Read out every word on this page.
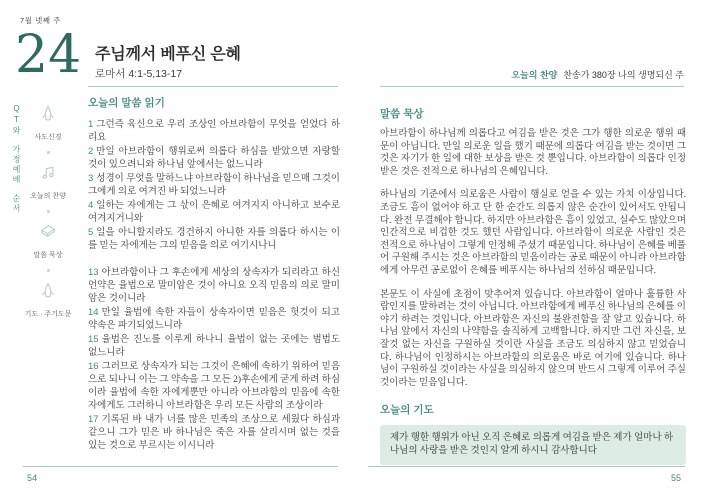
7월 넷째 주
24 주님께서 베푸신 은혜
로마서 4:1-5,13-17	오늘의 찬양 찬송가 380장 나의 생명되신 주
QT와
가정예배
순서
사도신경
오늘의 찬양
말씀 묵상
기도 · 주기도문
오늘의 말씀 읽기

1 그런즉 육신으로 우리 조상인 아브라함이 무엇을 얻었다 하리요

2 만일 아브라함이 행위로써 의롭다 하심을 받았으면 자랑할 것이 있으려니와 하나님 앞에서는 없느니라

3 성경이 무엇을 말하느냐 아브라함이 하나님을 믿으매 그것이 그에게 의로 여겨진 바 되었느니라

4 일하는 자에게는 그 삯이 은혜로 여겨지지 아니하고 보수로 여겨지거니와

5 일을 아니할지라도 경건하지 아니한 자를 의롭다 하시는 이를 믿는 자에게는 그의 믿음을 의로 여기시나니

13 아브라함이나 그 후손에게 세상의 상속자가 되리라고 하신 언약은 율법으로 말미암은 것이 아니요 오직 믿음의 의로 말미암은 것이니라

14 만일 율법에 속한 자들이 상속자이면 믿음은 헛것이 되고 약속은 파기되었느니라

15 율법은 진노를 이루게 하나니 율법이 없는 곳에는 범법도 없느니라

16 그러므로 상속자가 되는 그것이 은혜에 속하기 위하여 믿음으로 되나니 이는 그 약속을 그 모든 2)후손에게 굳게 하려 하심이라 율법에 속한 자에게뿐만 아니라 아브라함의 믿음에 속한 자에게도 그러하니 아브라함은 우리 모든 사람의 조상이라

17 기록된 바 내가 너를 많은 민족의 조상으로 세웠다 하심과 같으니 그가 믿은 바 하나님은 죽은 자를 살리시며 없는 것을 있는 것으로 부르시는 이시니라

말씀 묵상

아브라함이 하나님께 의롭다고 여김을 받은 것은 그가 행한 의로운 행위 때문이 아닙니다. 만일 의로운 일을 했기 때문에 의롭다 여김을 받는 것이면 그것은 자기가 한 일에 대한 보상을 받은 것 뿐입니다. 아브라함이 의롭다 인정 받은 것은 전적으로 하나님의 은혜입니다.

하나님의 기준에서 의로움은 사람이 행실로 얻을 수 있는 가치 이상입니다. 조금도 흠이 없어야 하고 단 한 순간도 의롭지 않은 순간이 있어서도 안됩니다. 완전 무결해야 합니다. 하지만 아브라함은 흠이 있었고, 실수도 많았으며 인간적으로 비겁한 것도 했던 사람입니다. 아브라함이 의로운 사람인 것은 전적으로 하나님이 그렇게 인정해 주셨기 때문입니다. 하나님이 은혜를 베풀어 구원해 주시는 것은 아브라함의 믿음이라는 공로 때문이 아니라 아브라함에게 아무런 공로없이 은혜를 베푸시는 하나님의 선하심 때문입니다.

본문도 이 사실에 초점이 맞추어져 있습니다. 아브라함이 얼마나 훌륭한 사람인지를 말하려는 것이 아닙니다. 아브라함에게 베푸신 하나님의 은혜를 이야기 하려는 것입니다. 아브라함은 자신의 불완전함을 잘 알고 있습니다. 하나님 앞에서 자신의 나약함을 솔직하게 고백합니다. 하지만 그런 자신을, 보잘것 없는 자신을 구원하실 것이란 사실을 조금도 의심하지 않고 믿었습니다. 하나님이 인정하시는 아브라함의 의로움은 바로 여기에 있습니다. 하나님이 구원하실 것이라는 사실을 의심하지 않으며 반드시 그렇게 이루어 주실 것이라는 믿음입니다.

오늘의 기도
제가 행한 행위가 아닌 오직 은혜로 의롭게 여김을 받은 제가 얼마나 하나님의 사랑을 받은 것인지 알게 하시니 감사합니다
54	55
